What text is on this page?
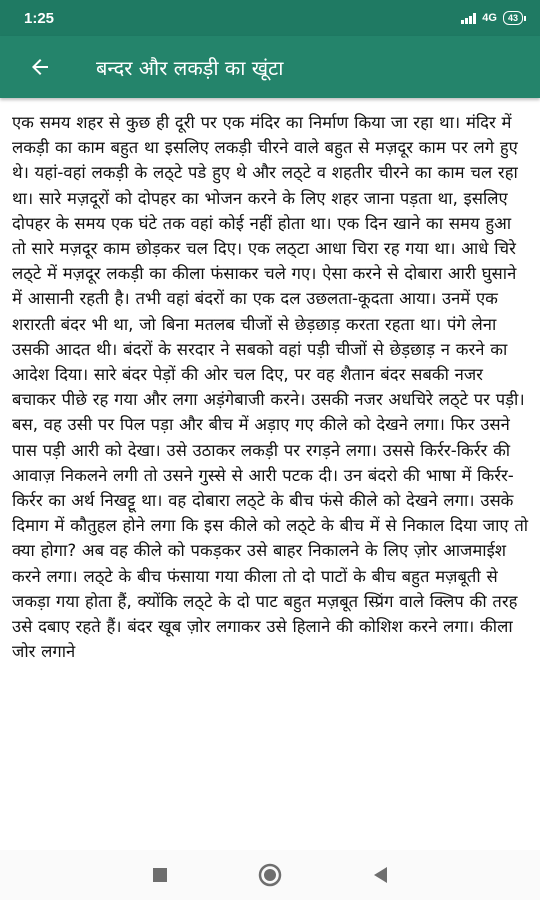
1:25	4G	43
बन्दर और लकड़ी का खूंटा

एक समय शहर से कुछ ही दूरी पर एक मंदिर का निर्माण किया जा रहा था। मंदिर में लकड़ी का काम बहुत था इसलिए लकड़ी चीरने वाले बहुत से मज़दूर काम पर लगे हुए थे। यहां-वहां लकड़ी के लठ्टे पडे हुए थे और लठ्टे व शहतीर चीरने का काम चल रहा था। सारे मज़दूरों को दोपहर का भोजन करने के लिए शहर जाना पड़ता था, इसलिए दोपहर के समय एक घंटे तक वहां कोई नहीं होता था। एक दिन खाने का समय हुआ तो सारे मज़दूर काम छोड़कर चल दिए। एक लठ्टा आधा चिरा रह गया था। आधे चिरे लठ्टे में मज़दूर लकड़ी का कीला फंसाकर चले गए। ऐसा करने से दोबारा आरी घुसाने में आसानी रहती है। तभी वहां बंदरों का एक दल उछलता-कूदता आया। उनमें एक शरारती बंदर भी था, जो बिना मतलब चीजों से छेड़छाड़ करता रहता था। पंगे लेना उसकी आदत थी। बंदरों के सरदार ने सबको वहां पड़ी चीजों से छेड़छाड़ न करने का आदेश दिया। सारे बंदर पेड़ों की ओर चल दिए, पर वह शैतान बंदर सबकी नजर बचाकर पीछे रह गया और लगा अड़ंगेबाजी करने। उसकी नजर अधचिरे लठ्टे पर पड़ी। बस, वह उसी पर पिल पड़ा और बीच में अड़ाए गए कीले को देखने लगा। फिर उसने पास पड़ी आरी को देखा। उसे उठाकर लकड़ी पर रगड़ने लगा। उससे किर्रर-किर्रर की आवाज़ निकलने लगी तो उसने गुस्से से आरी पटक दी। उन बंदरो की भाषा में किर्रर-किर्रर का अर्थ निखट्टू था। वह दोबारा लठ्टे के बीच फंसे कीले को देखने लगा। उसके दिमाग में कौतुहल होने लगा कि इस कीले को लठ्टे के बीच में से निकाल दिया जाए तो क्या होगा? अब वह कीले को पकड़कर उसे बाहर निकालने के लिए ज़ोर आजमाईश करने लगा। लठ्टे के बीच फंसाया गया कीला तो दो पाटों के बीच बहुत मज़बूती से जकड़ा गया होता हैं, क्योंकि लठ्टे के दो पाट बहुत मज़बूत स्प्रिंग वाले क्लिप की तरह उसे दबाए रहते हैं। बंदर खूब ज़ोर लगाकर उसे हिलाने की कोशिश करने लगा। कीला जोर लगाने
